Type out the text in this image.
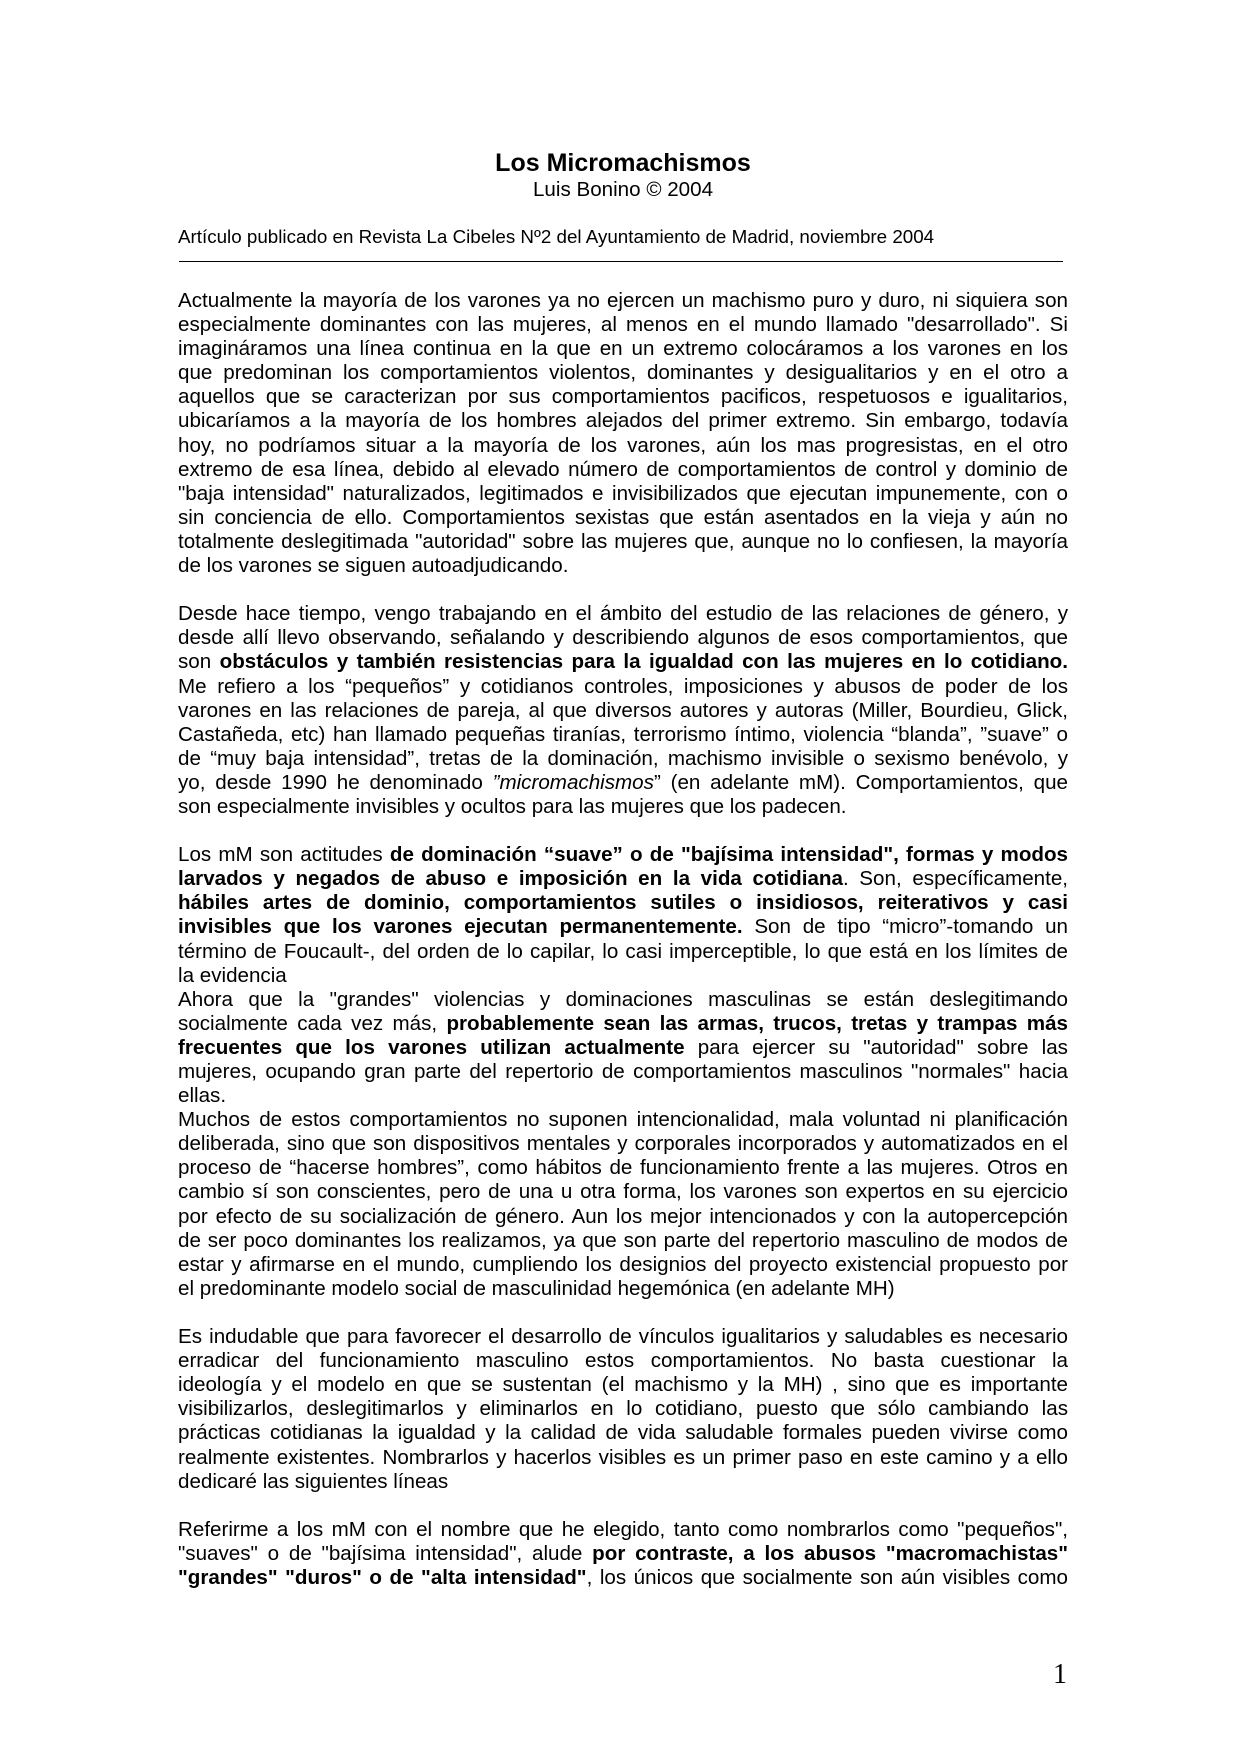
Los Micromachismos
Luis Bonino © 2004
Artículo publicado en Revista La Cibeles Nº2 del Ayuntamiento de Madrid, noviembre 2004
Actualmente la mayoría de los varones ya no ejercen un machismo puro y duro, ni siquiera son
especialmente dominantes con las mujeres, al menos en el mundo llamado "desarrollado". Si
imagináramos una línea continua en la que en un extremo colocáramos a los varones en los
que predominan los comportamientos violentos, dominantes y desigualitarios y en el otro a
aquellos que se caracterizan por sus comportamientos pacificos, respetuosos e igualitarios,
ubicaríamos a la mayoría de los hombres alejados del primer extremo. Sin embargo, todavía
hoy, no podríamos situar a la mayoría de los varones, aún los mas progresistas, en el otro
extremo de esa línea, debido al elevado número de comportamientos de control y dominio de
"baja intensidad" naturalizados, legitimados e invisibilizados que ejecutan impunemente, con o
sin conciencia de ello. Comportamientos sexistas que están asentados en la vieja y aún no
totalmente deslegitimada "autoridad" sobre las mujeres que, aunque no lo confiesen, la mayoría
de los varones se siguen autoadjudicando.
Desde hace tiempo, vengo trabajando en el ámbito del estudio de las relaciones de género, y
desde allí llevo observando, señalando y describiendo algunos de esos comportamientos, que
son obstáculos y también resistencias para la igualdad con las mujeres en lo cotidiano.
Me refiero a los “pequeños” y cotidianos controles, imposiciones y abusos de poder de los
varones en las relaciones de pareja, al que diversos autores y autoras (Miller, Bourdieu, Glick,
Castañeda, etc) han llamado pequeñas tiranías, terrorismo íntimo, violencia “blanda”, ”suave” o
de “muy baja intensidad”, tretas de la dominación, machismo invisible o sexismo benévolo, y
yo, desde 1990 he denominado ”micromachismos” (en adelante mM). Comportamientos, que
son especialmente invisibles y ocultos para las mujeres que los padecen.
Los mM son actitudes de dominación “suave” o de "bajísima intensidad", formas y modos
larvados y negados de abuso e imposición en la vida cotidiana. Son, específicamente,
hábiles artes de dominio, comportamientos sutiles o insidiosos, reiterativos y casi
invisibles que los varones ejecutan permanentemente. Son de tipo “micro”-tomando un
término de Foucault-, del orden de lo capilar, lo casi imperceptible, lo que está en los límites de
la evidencia
Ahora que la "grandes" violencias y dominaciones masculinas se están deslegitimando
socialmente cada vez más, probablemente sean las armas, trucos, tretas y trampas más
frecuentes que los varones utilizan actualmente para ejercer su "autoridad" sobre las
mujeres, ocupando gran parte del repertorio de comportamientos masculinos "normales" hacia
ellas.
Muchos de estos comportamientos no suponen intencionalidad, mala voluntad ni planificación
deliberada, sino que son dispositivos mentales y corporales incorporados y automatizados en el
proceso de “hacerse hombres”, como hábitos de funcionamiento frente a las mujeres. Otros en
cambio sí son conscientes, pero de una u otra forma, los varones son expertos en su ejercicio
por efecto de su socialización de género. Aun los mejor intencionados y con la autopercepción
de ser poco dominantes los realizamos, ya que son parte del repertorio masculino de modos de
estar y afirmarse en el mundo, cumpliendo los designios del proyecto existencial propuesto por
el predominante modelo social de masculinidad hegemónica (en adelante MH)
Es indudable que para favorecer el desarrollo de vínculos igualitarios y saludables es necesario
erradicar del funcionamiento masculino estos comportamientos. No basta cuestionar la
ideología y el modelo en que se sustentan (el machismo y la MH) , sino que es importante
visibilizarlos, deslegitimarlos y eliminarlos en lo cotidiano, puesto que sólo cambiando las
prácticas cotidianas la igualdad y la calidad de vida saludable formales pueden vivirse como
realmente existentes. Nombrarlos y hacerlos visibles es un primer paso en este camino y a ello
dedicaré las siguientes líneas
Referirme a los mM con el nombre que he elegido, tanto como nombrarlos como "pequeños",
"suaves" o de "bajísima intensidad", alude por contraste, a los abusos "macromachistas"
"grandes" "duros" o de "alta intensidad", los únicos que socialmente son aún visibles como
1
